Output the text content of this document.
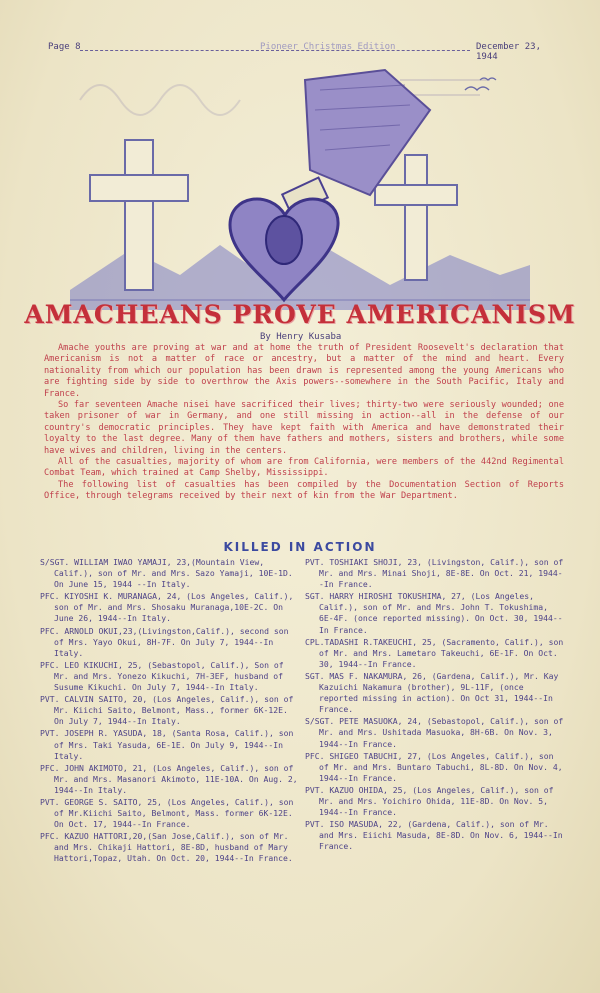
Page 8	Pioneer Christmas Edition	December 23, 1944
AMACHEANS PROVE AMERICANISM
By Henry Kusaba

Amache youths are proving at war and at home the truth of President Roosevelt's declaration that Americanism is not a matter of race or ancestry, but a matter of the mind and heart. Every nationality from which our population has been drawn is represented among the young Americans who are fighting side by side to overthrow the Axis powers--somewhere in the South Pacific, Italy and France.

So far seventeen Amache nisei have sacrificed their lives; thirty-two were seriously wounded; one taken prisoner of war in Germany, and one still missing in action--all in the defense of our country's democratic principles. They have kept faith with America and have demonstrated their loyalty to the last degree. Many of them have fathers and mothers, sisters and brothers, while some have wives and children, living in the centers.

All of the casualties, majority of whom are from California, were members of the 442nd Regimental Combat Team, which trained at Camp Shelby, Mississippi.

The following list of casualties has been compiled by the Documentation Section of Reports Office, through telegrams received by their next of kin from the War Department.

KILLED IN ACTION
S/SGT. WILLIAM IWAO YAMAJI, 23,(Mountain View, Calif.), son of Mr. and Mrs. Sazo Yamaji, 10E-1D. On June 15, 1944 --In Italy.
PFC. KIYOSHI K. MURANAGA, 24, (Los Angeles, Calif.), son of Mr. and Mrs. Shosaku Muranaga,10E-2C. On June 26, 1944--In Italy.
PFC. ARNOLD OKUI,23,(Livingston,Calif.), second son of Mrs. Yayo Okui, 8H-7F. On July 7, 1944--In Italy.
PFC. LEO KIKUCHI, 25, (Sebastopol, Calif.), Son of Mr. and Mrs. Yonezo Kikuchi, 7H-3EF, husband of Susume Kikuchi. On July 7, 1944--In Italy.
PVT. CALVIN SAITO, 20, (Los Angeles, Calif.), son of Mr. Kiichi Saito, Belmont, Mass., former 6K-12E. On July 7, 1944--In Italy.
PVT. JOSEPH R. YASUDA, 18, (Santa Rosa, Calif.), son of Mrs. Taki Yasuda, 6E-1E. On July 9, 1944--In Italy.
PFC. JOHN AKIMOTO, 21, (Los Angeles, Calif.), son of Mr. and Mrs. Masanori Akimoto, 11E-10A. On Aug. 2, 1944--In Italy.
PVT. GEORGE S. SAITO, 25, (Los Angeles, Calif.), son of Mr.Kiichi Saito, Belmont, Mass. former 6K-12E. On Oct. 17, 1944--In France.
PFC. KAZUO HATTORI,20,(San Jose,Calif.), son of Mr. and Mrs. Chikaji Hattori, 8E-8D, husband of Mary Hattori,Topaz, Utah. On Oct. 20, 1944--In France.
PVT. TOSHIAKI SHOJI, 23, (Livingston, Calif.), son of Mr. and Mrs. Minai Shoji, 8E-8E. On Oct. 21, 1944--In France.
SGT. HARRY HIROSHI TOKUSHIMA, 27, (Los Angeles, Calif.), son of Mr. and Mrs. John T. Tokushima, 6E-4F. (once reported missing). On Oct. 30, 1944--In France.
CPL.TADASHI R.TAKEUCHI, 25, (Sacramento, Calif.), son of Mr. and Mrs. Lametaro Takeuchi, 6E-1F. On Oct. 30, 1944--In France.
SGT. MAS F. NAKAMURA, 26, (Gardena, Calif.), Mr. Kay Kazuichi Nakamura (brother), 9L-11F, (once reported missing in action). On Oct 31, 1944--In France.
S/SGT. PETE MASUOKA, 24, (Sebastopol, Calif.), son of Mr. and Mrs. Ushitada Masuoka, 8H-6B. On Nov. 3, 1944--In France.
PFC. SHIGEO TABUCHI, 27, (Los Angeles, Calif.), son of Mr. and Mrs. Buntaro Tabuchi, 8L-8D. On Nov. 4, 1944--In France.
PVT. KAZUO OHIDA, 25, (Los Angeles, Calif.), son of Mr. and Mrs. Yoichiro Ohida, 11E-8D. On Nov. 5, 1944--In France.
PVT. ISO MASUDA, 22, (Gardena, Calif.), son of Mr. and Mrs. Eiichi Masuda, 8E-8D. On Nov. 6, 1944--In France.
